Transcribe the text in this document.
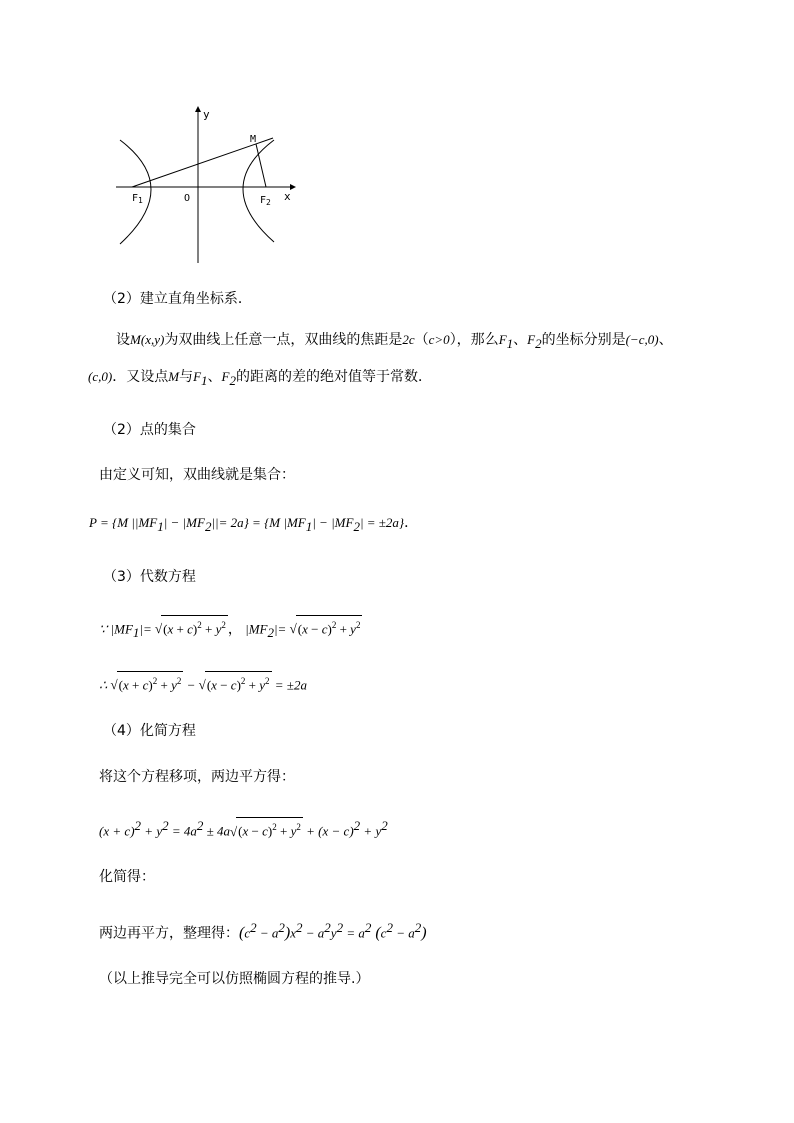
y
x
M
$F_1$	O	$F_2$
（2）建立直角坐标系．
设M(x,y)为双曲线上任意一点，双曲线的焦距是2c（c>0），那么$F_1$、$F_2$的坐标分别是(−c,0)、
(c,0)．又设点M与$F_1$、$F_2$的距离的差的绝对值等于常数．
（2）点的集合
由定义可知，双曲线就是集合：
P = {M $||MF_1| - |MF_2||= 2a\} = \{M$ $|MF_1| - |MF_2| = \pm 2a$}．
（3）代数方程
∵ $|MF_1|= √(x + c)^2 + y^2$ ， $|MF_2|= √(x - c)^2 + y^2$
∴ $√(x + c)^2 + y^2 - √(x - c)^2 + y^2 = \pm 2a$
（4）化简方程
将这个方程移项，两边平方得：
$(x + c)^2 + y^2 = 4a^2 \pm 4a√(x - c)^2 + y^2 + (x - c)^2 + y^2$
化简得：
两边再平方，整理得：$(c^2 - a^2)x^2 - a^2y^2 = a^2$ $(c^2 - a^2)$
（以上推导完全可以仿照椭圆方程的推导.）
